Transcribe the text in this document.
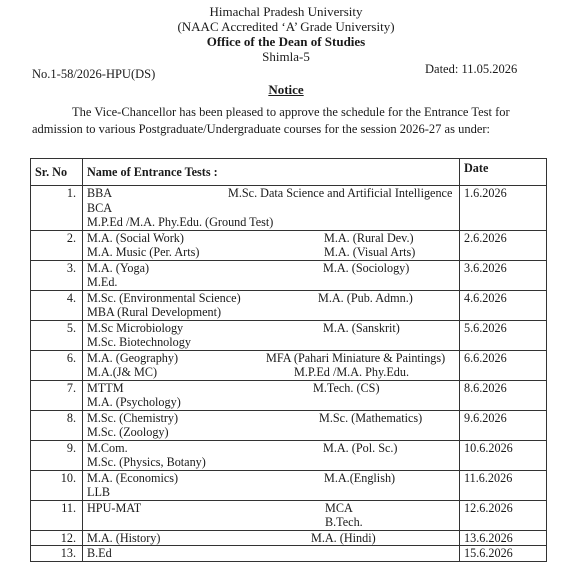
Himachal Pradesh University
(NAAC Accredited ‘A’ Grade University)
Office of the Dean of Studies
Shimla-5
No.1-58/2026-HPU(DS)	Dated: 11.05.2026
Notice

The Vice-Chancellor has been pleased to approve the schedule for the Entrance Test for admission to various Postgraduate/Undergraduate courses for the session 2026-27 as under:

Sr. No	Name of Entrance Tests :	Date
1.	BBA
BCA
M.P.Ed /M.A. Phy.Edu. (Ground Test)
M.Sc. Data Science and Artificial Intelligence	1.6.2026
2.	M.A. (Social Work)
M.A. Music (Per. Arts)
M.A. (Rural Dev.)
M.A. (Visual Arts)	2.6.2026
3.	M.A. (Yoga)
M.Ed.
M.A. (Sociology)	3.6.2026
4.	M.Sc. (Environmental Science)
MBA (Rural Development)
M.A. (Pub. Admn.)	4.6.2026
5.	M.Sc Microbiology
M.Sc. Biotechnology
M.A. (Sanskrit)	5.6.2026
6.	M.A. (Geography)
M.A.(J& MC)
MFA (Pahari Miniature & Paintings)
M.P.Ed /M.A. Phy.Edu.	6.6.2026
7.	MTTM
M.A. (Psychology)
M.Tech. (CS)	8.6.2026
8.	M.Sc. (Chemistry)
M.Sc. (Zoology)
M.Sc. (Mathematics)	9.6.2026
9.	M.Com.
M.Sc. (Physics, Botany)
M.A. (Pol. Sc.)	10.6.2026
10.	M.A. (Economics)
LLB
M.A.(English)	11.6.2026
11.	HPU-MAT
MCA
B.Tech.	12.6.2026
12.	M.A. (History) M.A. (Hindi)	13.6.2026
13.	B.Ed	15.6.2026
